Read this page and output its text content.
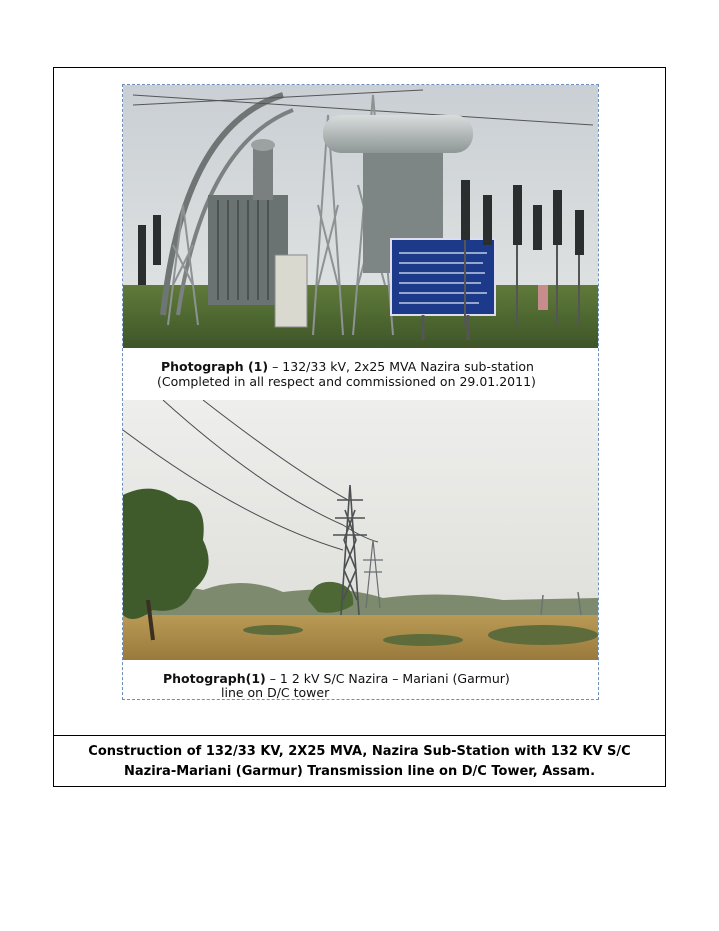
Photograph (1) – 132/33 kV, 2x25 MVA Nazira sub-station
(Completed in all respect and commissioned on 29.01.2011)
Photograph(1) – 1 2 kV S/C Nazira – Mariani (Garmur)
line on D/C tower
Construction of 132/33 KV, 2X25 MVA, Nazira Sub-Station with 132 KV S/C
Nazira-Mariani (Garmur) Transmission line on D/C Tower, Assam.
